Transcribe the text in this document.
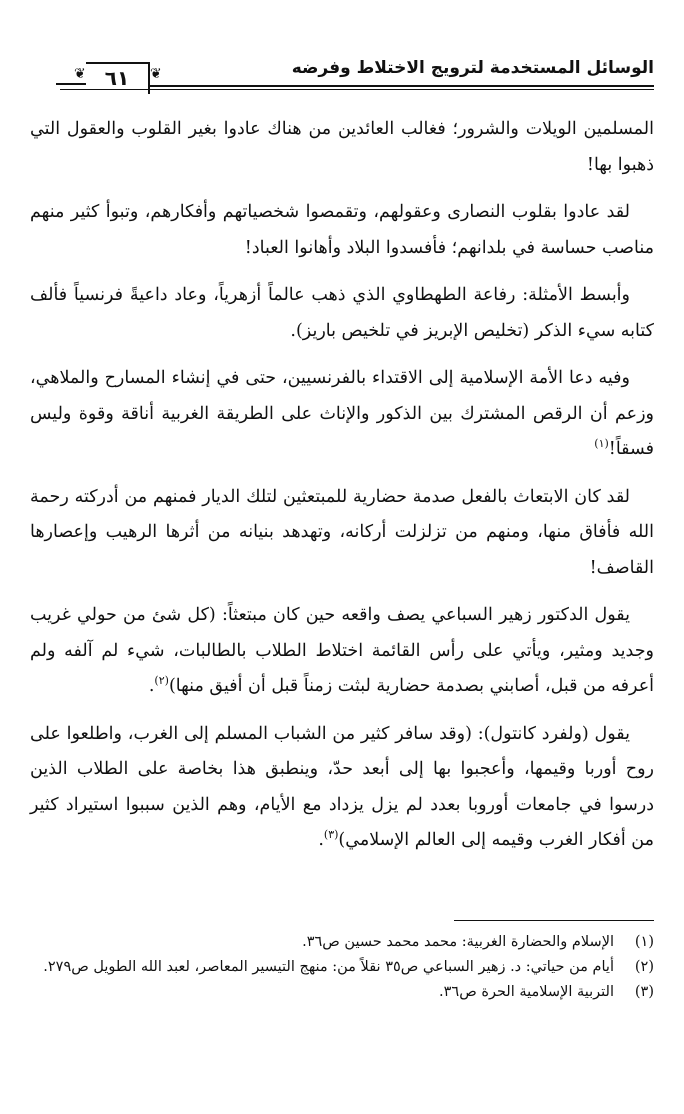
الوسائل المستخدمة لترويج الاختلاط وفرضه
❦ ٦١	❦

المسلمين الويلات والشرور؛ فغالب العائدين من هناك عادوا بغير القلوب والعقول التي ذهبوا بها!

لقد عادوا بقلوب النصارى وعقولهم، وتقمصوا شخصياتهم وأفكارهم، وتبوأ كثير منهم مناصب حساسة في بلدانهم؛ فأفسدوا البلاد وأهانوا العباد!

وأبسط الأمثلة: رفاعة الطهطاوي الذي ذهب عالماً أزهرياً، وعاد داعيةً فرنسياً فألف كتابه سيء الذكر (تخليص الإبريز في تلخيص باريز).

وفيه دعا الأمة الإسلامية إلى الاقتداء بالفرنسيين، حتى في إنشاء المسارح والملاهي، وزعم أن الرقص المشترك بين الذكور والإناث على الطريقة الغربية أناقة وقوة وليس فسقاً!$^{(١)}$

لقد كان الابتعاث بالفعل صدمة حضارية للمبتعثين لتلك الديار فمنهم من أدركته رحمة الله فأفاق منها، ومنهم من تزلزلت أركانه، وتهدهد بنيانه من أثرها الرهيب وإعصارها القاصف!

يقول الدكتور زهير السباعي يصف واقعه حين كان مبتعثاً: (كل شئ من حولي غريب وجديد ومثير، ويأتي على رأس القائمة اختلاط الطلاب بالطالبات، شيء لم آلفه ولم أعرفه من قبل، أصابني بصدمة حضارية لبثت زمناً قبل أن أفيق منها)$^{(٢)}$.

يقول (ولفرد كانتول): (وقد سافر كثير من الشباب المسلم إلى الغرب، واطلعوا على روح أوربا وقيمها، وأعجبوا بها إلى أبعد حدّ، وينطبق هذا بخاصة على الطلاب الذين درسوا في جامعات أوروبا بعدد لم يزل يزداد مع الأيام، وهم الذين سببوا استيراد كثير من أفكار الغرب وقيمه إلى العالم الإسلامي)$^{(٣)}$.

(١)
الإسلام والحضارة الغربية: محمد محمد حسين ص٣٦.
(٢)
أيام من حياتي: د. زهير السباعي ص٣٥ نقلاً من: منهج التيسير المعاصر، لعبد الله الطويل ص٢٧٩.
(٣)
التربية الإسلامية الحرة ص٣٦.
